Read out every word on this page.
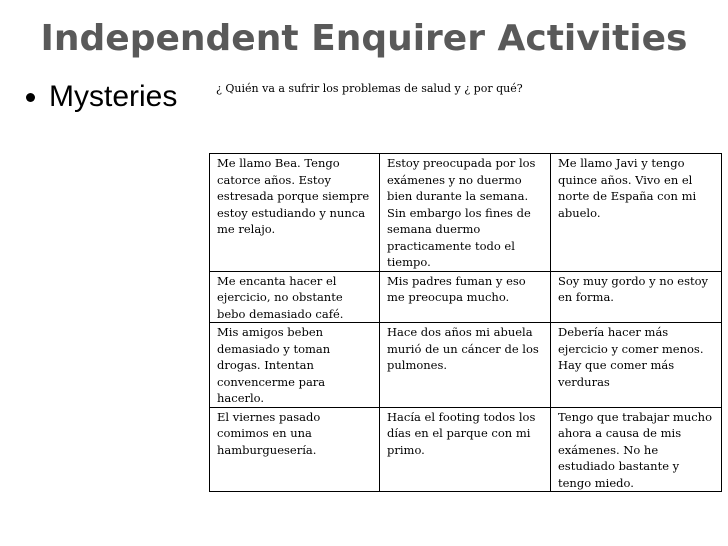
Independent Enquirer Activities
Mysteries	¿ Quién va a sufrir los problemas de salud y ¿ por qué?
Me llamo Bea. Tengo catorce años. Estoy estresada porque siempre estoy estudiando y nunca me relajo.	Estoy preocupada por los exámenes y no duermo bien durante la semana. Sin embargo los fines de semana duermo practicamente todo el tiempo.	Me llamo Javi y tengo quince años. Vivo en el norte de España con mi abuelo.
Me encanta hacer el ejercicio, no obstante bebo demasiado café.	Mis padres fuman y eso me preocupa mucho.	Soy muy gordo y no estoy en forma.
Mis amigos beben demasiado y toman drogas. Intentan convencerme para hacerlo.	Hace dos años mi abuela murió de un cáncer de los pulmones.	Debería hacer más ejercicio y comer menos. Hay que comer más verduras
El viernes pasado comimos en una hamburguesería.	Hacía el footing todos los días en el parque con mi primo.	Tengo que trabajar mucho ahora a causa de mis exámenes. No he estudiado bastante y tengo miedo.
